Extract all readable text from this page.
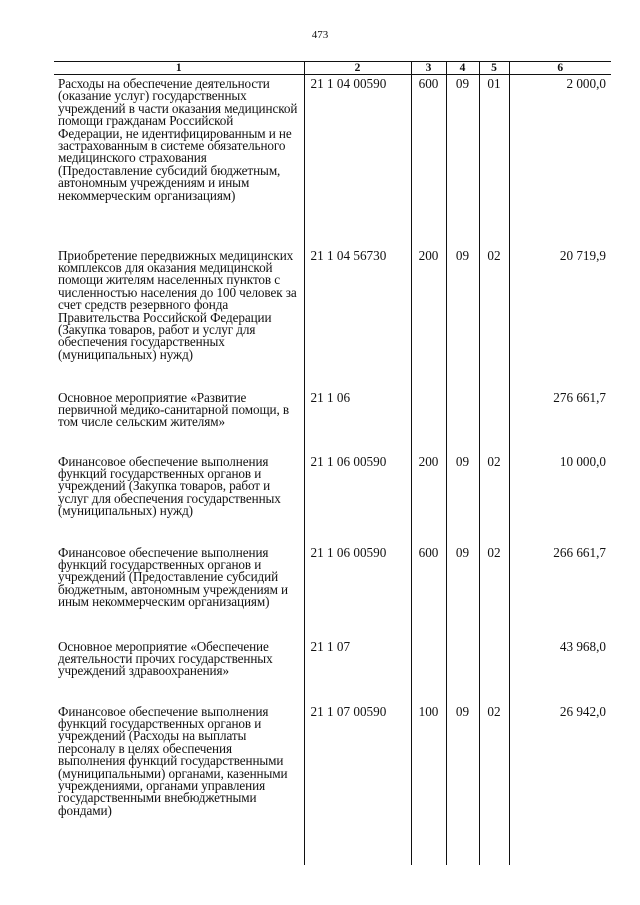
473
1	2	3	4	5	6
Расходы на обеспечение деятельности (оказание услуг) государственных учреждений в части оказания медицинской помощи гражданам Российской Федерации, не идентифицированным и не застрахованным в системе обязательного медицинского страхования (Предоставление субсидий бюджетным, автономным учреждениям и иным некоммерческим организациям)	21 1 04 00590	600	09	01	2 000,0
Приобретение передвижных медицинских комплексов для оказания медицинской помощи жителям населенных пунктов с численностью населения до 100 человек за счет средств резервного фонда Правительства Российской Федерации (Закупка товаров, работ и услуг для обеспечения государственных (муниципальных) нужд)	21 1 04 56730	200	09	02	20 719,9
Основное мероприятие «Развитие первичной медико-санитарной помощи, в том числе сельским жителям»	21 1 06				276 661,7
Финансовое обеспечение выполнения функций государственных органов и учреждений (Закупка товаров, работ и услуг для обеспечения государственных (муниципальных) нужд)	21 1 06 00590	200	09	02	10 000,0
Финансовое обеспечение выполнения функций государственных органов и учреждений (Предоставление субсидий бюджетным, автономным учреждениям и иным некоммерческим организациям)	21 1 06 00590	600	09	02	266 661,7
Основное мероприятие «Обеспечение деятельности прочих государственных учреждений здравоохранения»	21 1 07				43 968,0
Финансовое обеспечение выполнения функций государственных органов и учреждений (Расходы на выплаты персоналу в целях обеспечения выполнения функций государственными (муниципальными) органами, казенными учреждениями, органами управления государственными внебюджетными фондами)	21 1 07 00590	100	09	02	26 942,0
